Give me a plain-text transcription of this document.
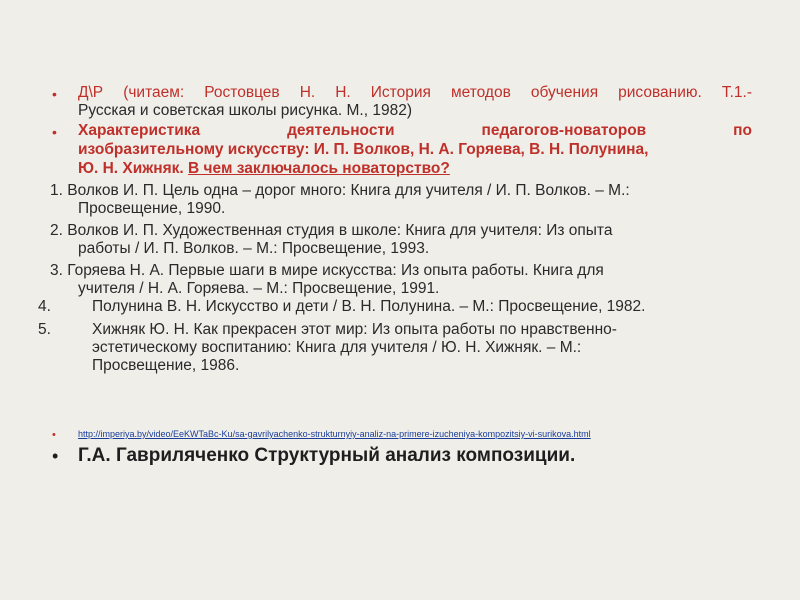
• Д\Р (читаем: Ростовцев Н. Н. История методов обучения рисованию. Т.1.-
Русская и советская школы рисунка. М., 1982)
• Характеристика деятельности педагогов-новаторов по
изобразительному искусству: И. П. Волков, Н. А. Горяева, В. Н. Полунина,
Ю. Н. Хижняк. В чем заключалось новаторство?
1. Волков И. П. Цель одна – дорог много: Книга для учителя / И. П. Волков. – М.:
Просвещение, 1990.
2. Волков И. П. Художественная студия в школе: Книга для учителя: Из опыта
работы / И. П. Волков. – М.: Просвещение, 1993.
3. Горяева Н. А. Первые шаги в мире искусства: Из опыта работы. Книга для
учителя / Н. А. Горяева. – М.: Просвещение, 1991.
4.	Полунина В. Н. Искусство и дети / В. Н. Полунина. – М.: Просвещение, 1982.
5.	Хижняк Ю. Н. Как прекрасен этот мир: Из опыта работы по нравственно-
эстетическому воспитанию: Книга для учителя / Ю. Н. Хижняк. – М.:
Просвещение, 1986.
• http://imperiya.by/video/EeKWTaBc-Ku/sa-gavrilyachenko-strukturnyiy-analiz-na-primere-izucheniya-kompozitsiy-vi-surikova.html
• Г.А. Гавриляченко Структурный анализ композиции.
